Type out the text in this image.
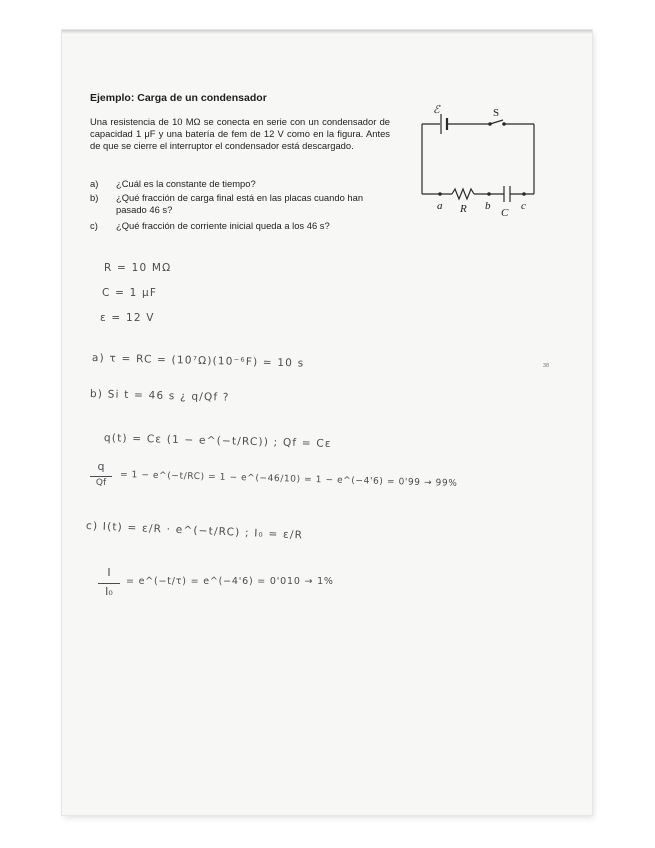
Ejemplo: Carga de un condensador
Una resistencia de 10 MΩ se conecta en serie con un condensador de capacidad 1 μF y una batería de fem de 12 V como en la figura. Antes de que se cierre el interruptor el condensador está descargado.
a) ¿Cuál es la constante de tiempo?
b) ¿Qué fracción de carga final está en las placas cuando han pasado 46 s?
c) ¿Qué fracción de corriente inicial queda a los 46 s?
ℰ	S
a R b
C
c
38
R = 10 MΩ
C = 1 μF
ε = 12 V
a) τ = RC = (10⁷Ω)(10⁻⁶F) = 10 s
b) Si t = 46 s ¿ q/Qf ?
q(t) = Cε (1 − e^(−t/RC)) ; Qf = Cε
q
Qf	= 1 − e^(−t/RC) = 1 − e^(−46/10) = 1 − e^(−4'6) = 0'99 → 99%
c) I(t) = ε/R · e^(−t/RC) ; I₀ = ε/R
I
I₀
= e^(−t/τ) = e^(−4'6) = 0'010 → 1%
